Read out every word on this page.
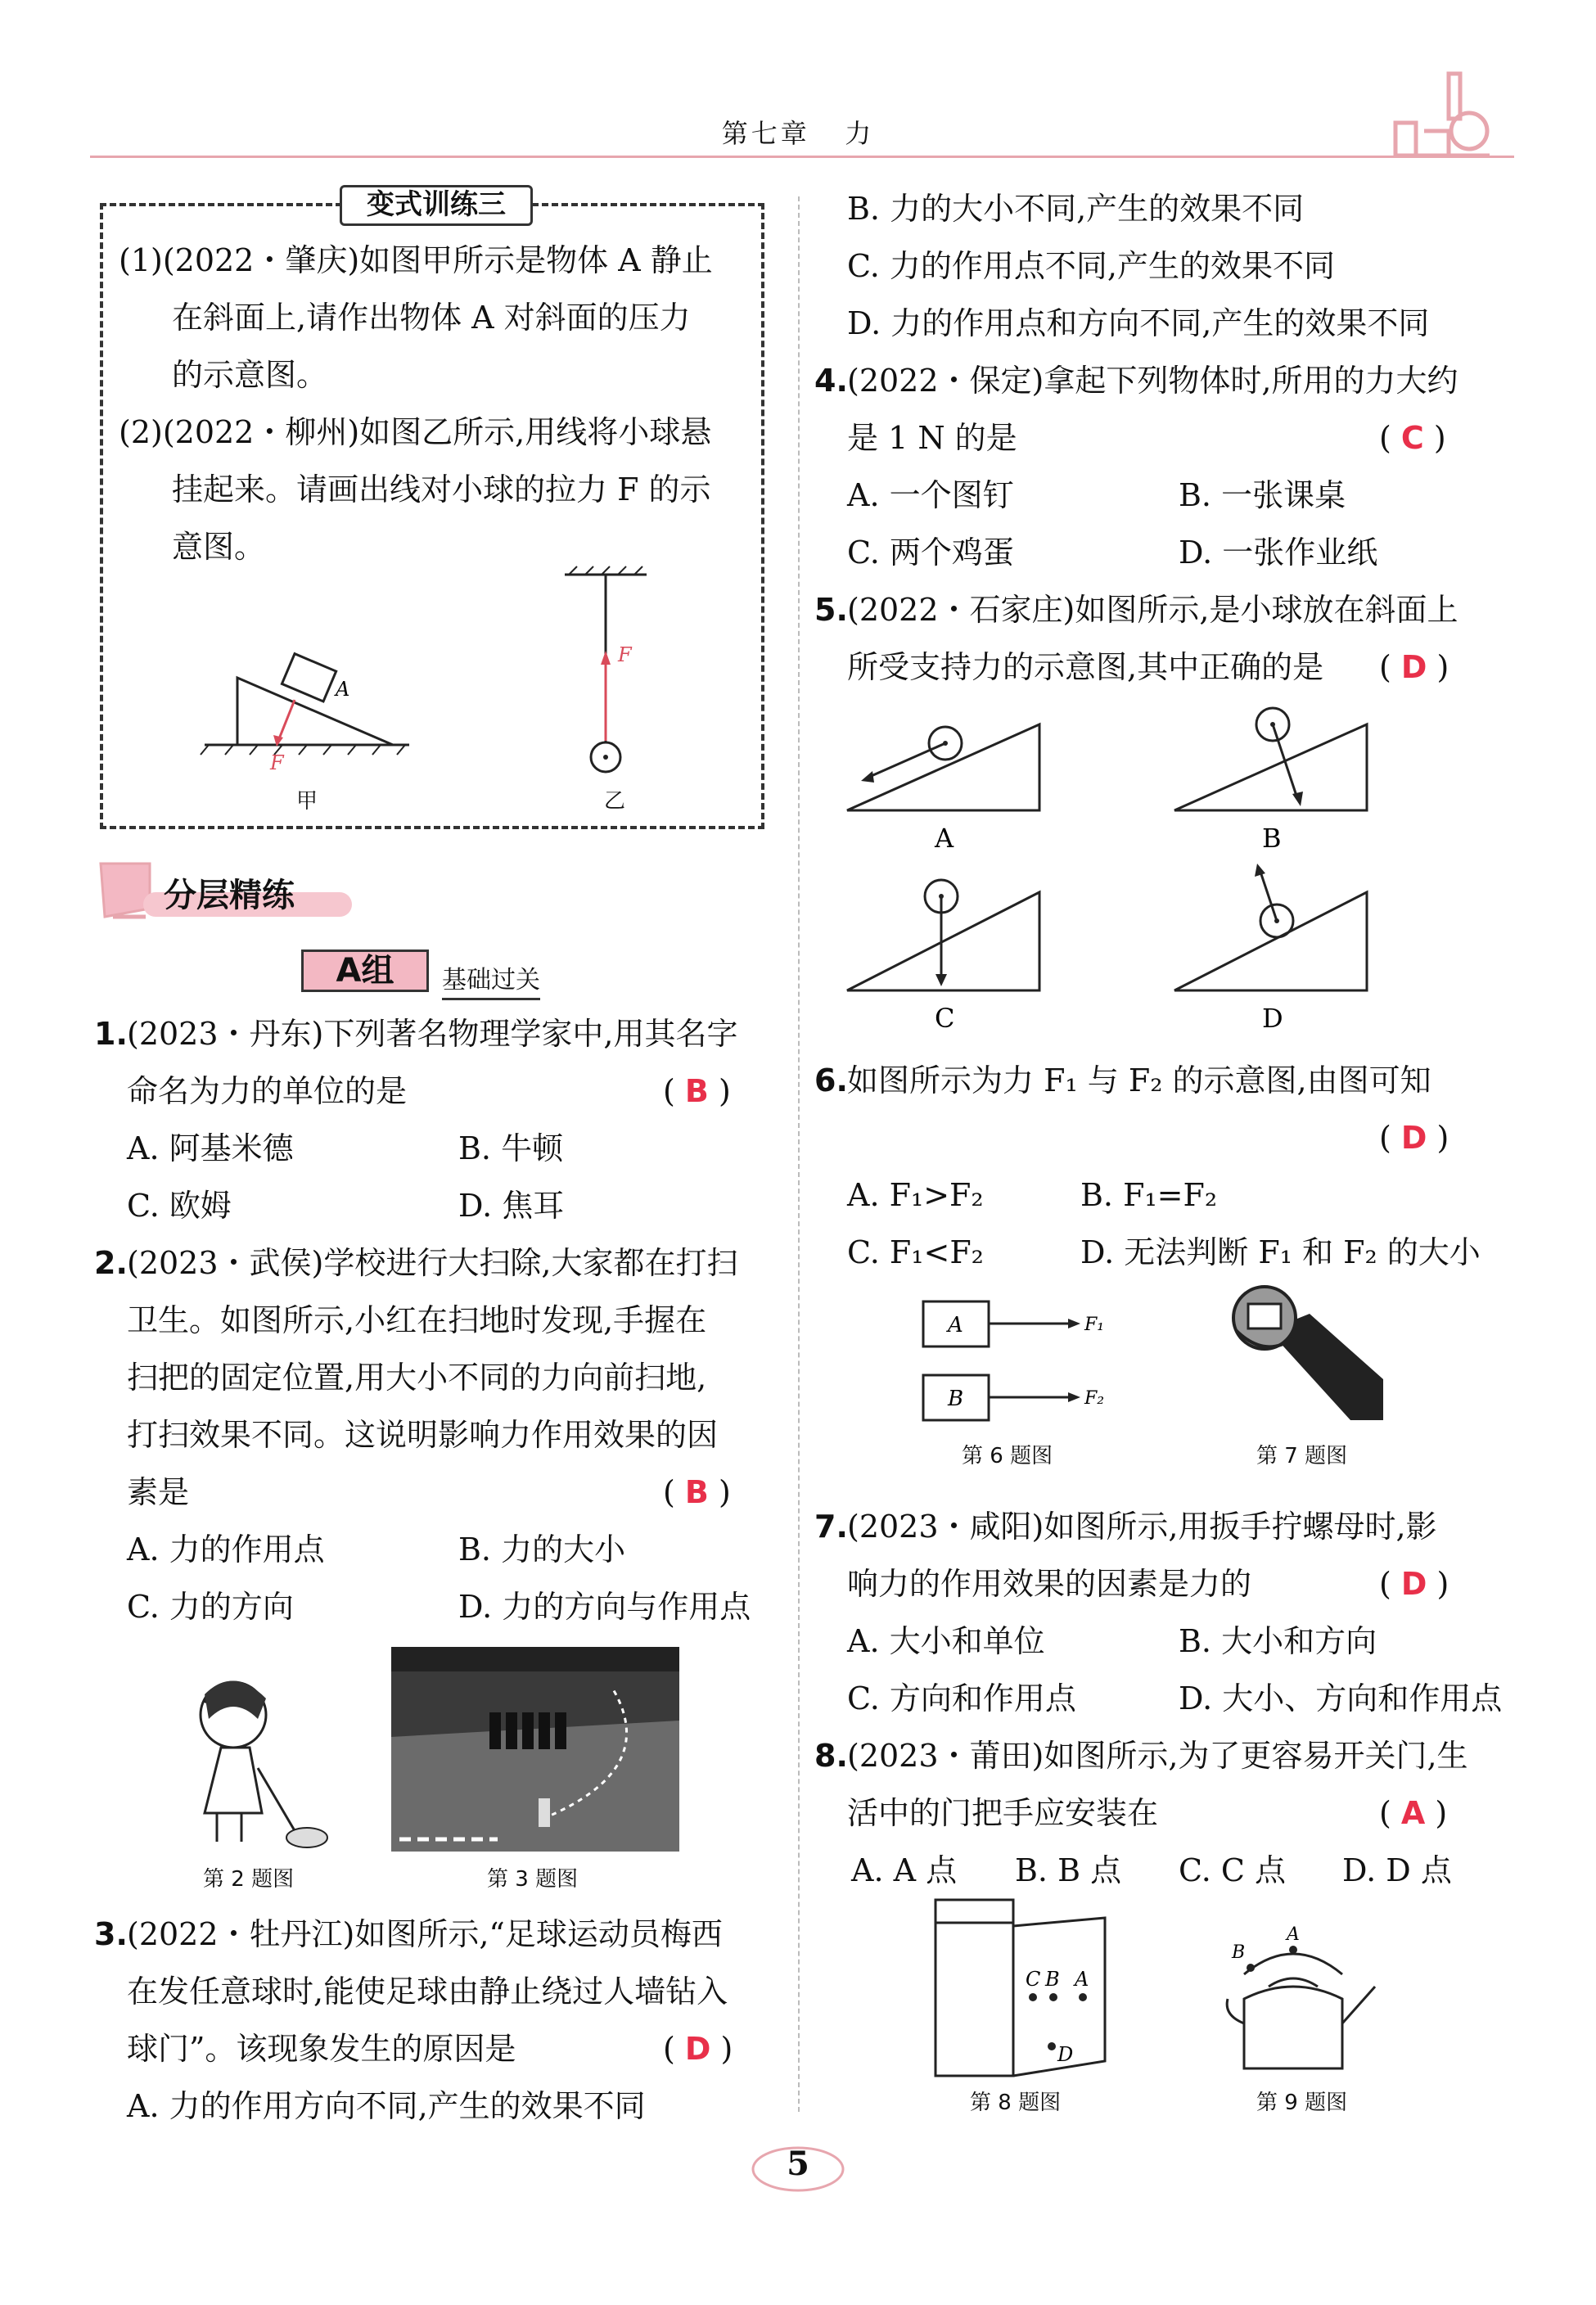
第七章 力
变式训练三
(1)(2022・肇庆)如图甲所示是物体 A 静止
在斜面上,请作出物体 A 对斜面的压力
的示意图。
(2)(2022・柳州)如图乙所示,用线将小球悬
挂起来。请画出线对小球的拉力 F 的示
意图。
A
F
甲
F
乙
分层精练
A组	基础过关
1. (2023・丹东)下列著名物理学家中,用其名字
命名为力的单位的是	( B )
A. 阿基米德	B. 牛顿
C. 欧姆	D. 焦耳
2. (2023・武侯)学校进行大扫除,大家都在打扫
卫生。如图所示,小红在扫地时发现,手握在
扫把的固定位置,用大小不同的力向前扫地,
打扫效果不同。这说明影响力作用效果的因
素是	( B )
A. 力的作用点	B. 力的大小
C. 力的方向	D. 力的方向与作用点
3. (2022・牡丹江)如图所示,“足球运动员梅西
在发任意球时,能使足球由静止绕过人墙钻入
球门”。该现象发生的原因是	( D )
A. 力的作用方向不同,产生的效果不同
第 2 题图	第 3 题图
B. 力的大小不同,产生的效果不同
C. 力的作用点不同,产生的效果不同
D. 力的作用点和方向不同,产生的效果不同
4. (2022・保定)拿起下列物体时,所用的力大约
是 1 N 的是	( C )
A. 一个图钉	B. 一张课桌
C. 两个鸡蛋	D. 一张作业纸
5. (2022・石家庄)如图所示,是小球放在斜面上
所受支持力的示意图,其中正确的是 ( D )
6. 如图所示为力 F₁ 与 F₂ 的示意图,由图可知
( D )
A. F₁>F₂	B. F₁=F₂
C. F₁<F₂	D. 无法判断 F₁ 和 F₂ 的大小
7. (2023・咸阳)如图所示,用扳手拧螺母时,影
响力的作用效果的因素是力的	( D )
A. 大小和单位	B. 大小和方向
C. 方向和作用点	D. 大小、方向和作用点
8. (2023・莆田)如图所示,为了更容易开关门,生
活中的门把手应安装在	( A )
A. A 点 B. B 点 C. C 点 D. D 点
A	B
C	D
A
B
F₁
F₂
第 6 题图	第 7 题图
C B A
D
第 8 题图
B
A
第 9 题图
5
